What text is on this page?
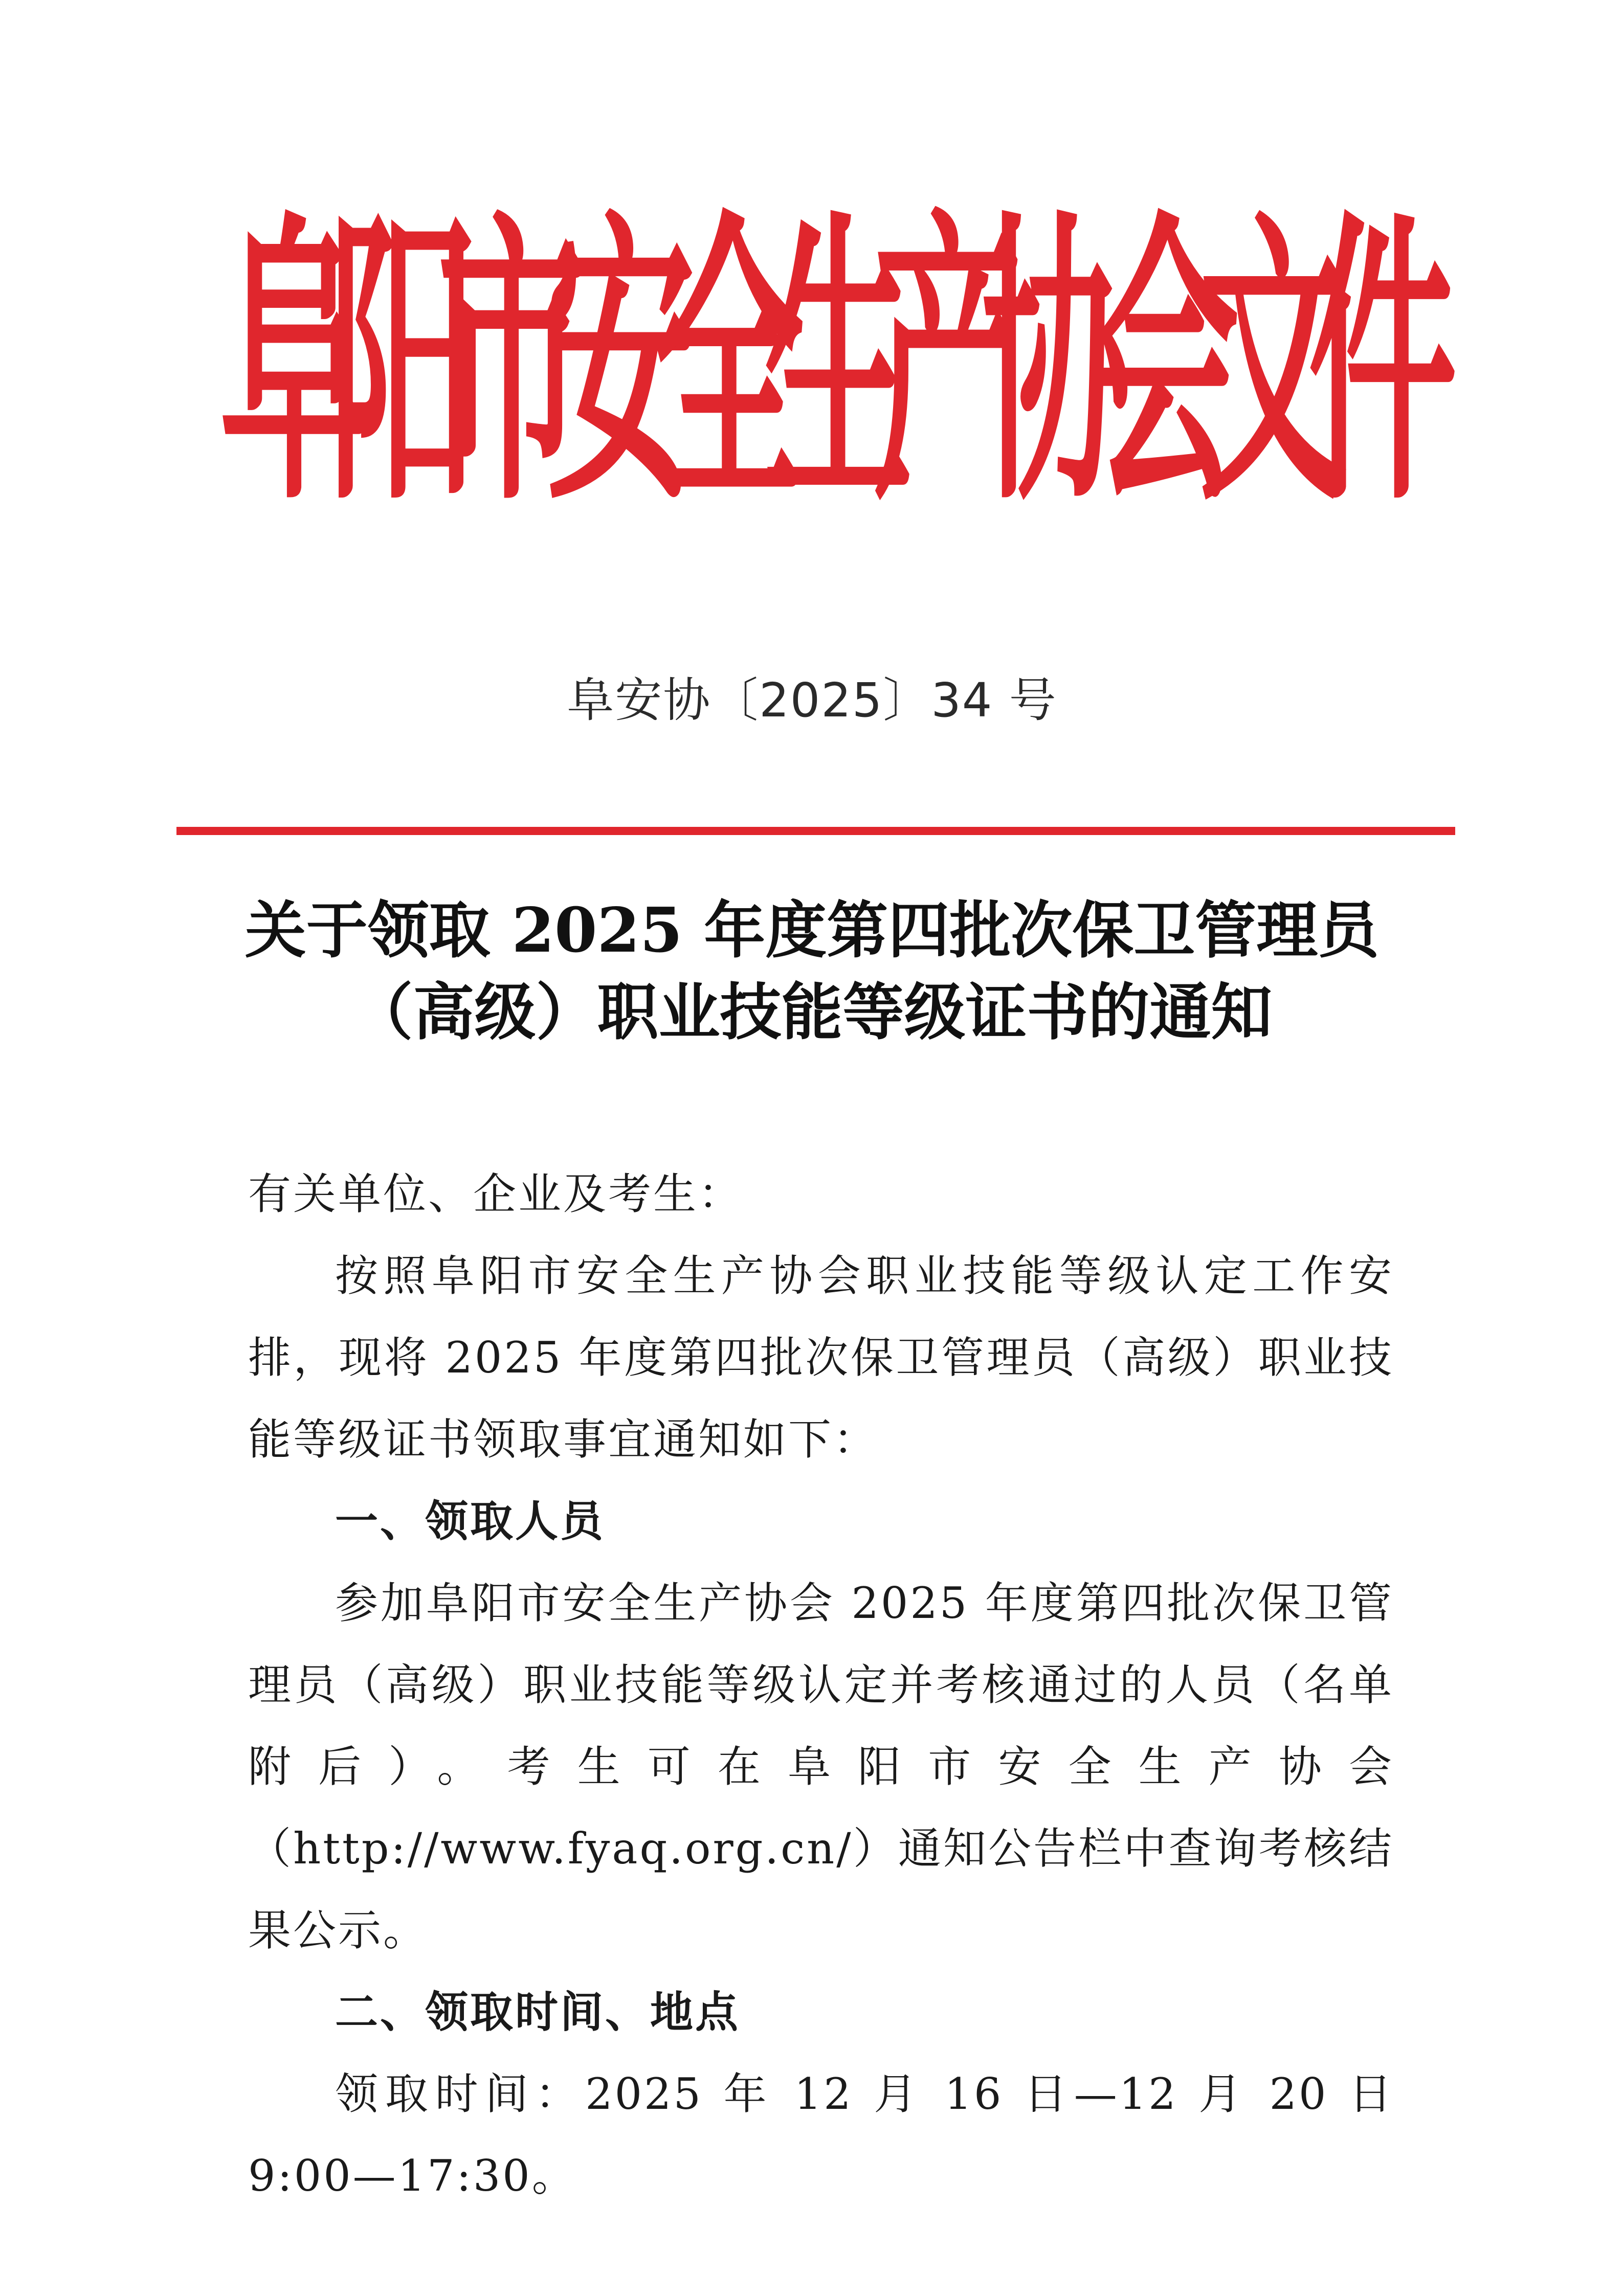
阜
阳
市
安
全
生
产
协
会
文
件
阜安协〔2025〕34 号
关于领取 2025 年度第四批次保卫管理员
（高级）职业技能等级证书的通知

有关单位、企业及考生：

按照阜阳市安全生产协会职业技能等级认定工作安排，现将 2025 年度第四批次保卫管理员（高级）职业技能等级证书领取事宜通知如下：

一、领取人员

参加阜阳市安全生产协会 2025 年度第四批次保卫管理员（高级）职业技能等级认定并考核通过的人员（名单附后）。考生可在阜阳市安全生产协会（http://www.fyaq.org.cn/）通知公告栏中查询考核结果公示。

二、领取时间、地点

领取时间：2025 年 12 月 16 日—12 月 20 日 9:00—17:30。
